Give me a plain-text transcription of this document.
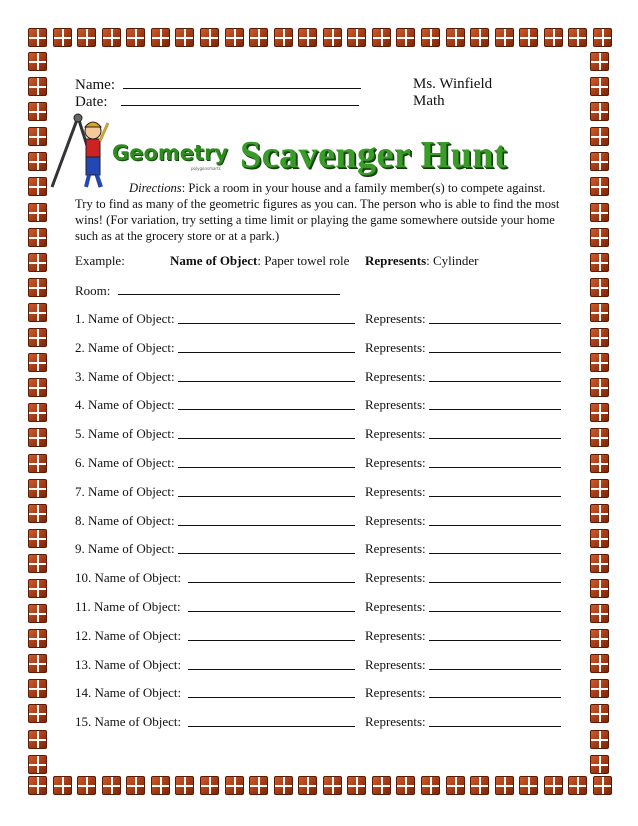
Name:
Date:
Ms. Winfield
Math
Geometry
polygonsmarts Scavenger Hunt
Directions: Pick a room in your house and a family member(s) to compete against. Try to find as many of the geometric figures as you can. The person who is able to find the most wins! (For variation, try setting a time limit or playing the game somewhere outside your home such as at the grocery store or at a park.)
Example:	Name of Object: Paper towel role Represents: Cylinder
Room:
1. Name of Object:	Represents:
2. Name of Object:	Represents:
3. Name of Object:	Represents:
4. Name of Object:	Represents:
5. Name of Object:	Represents:
6. Name of Object:	Represents:
7. Name of Object:	Represents:
8. Name of Object:	Represents:
9. Name of Object:	Represents:
10. Name of Object:	Represents:
11. Name of Object:	Represents:
12. Name of Object:	Represents:
13. Name of Object:	Represents:
14. Name of Object:	Represents:
15. Name of Object:	Represents:
